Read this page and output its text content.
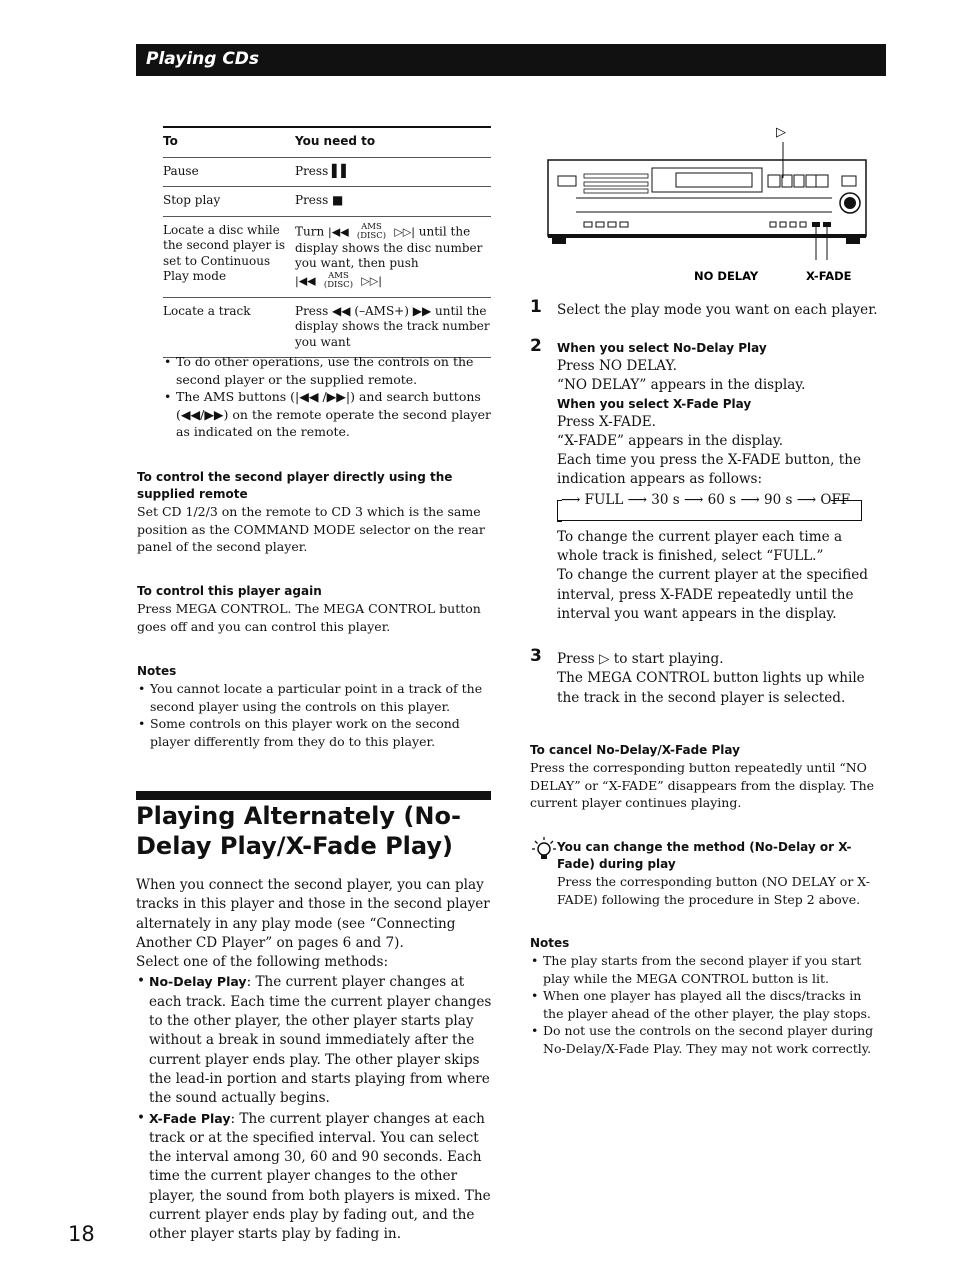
Playing CDs
To	You need to
Pause	Press ▌▌
Stop play	Press ■
Locate a disc while the second player is set to Continuous Play mode	Turn |◀◀ AMS (DISC) ▷▷| until the display shows the disc number you want, then push
|◀◀ AMS (DISC) ▷▷|
Locate a track	Press ◀◀ (–AMS+) ▶▶ until the display shows the track number you want
• To do other operations, use the controls on the second player or the supplied remote.
• The AMS buttons (|◀◀ /▶▶|) and search buttons (◀◀/▶▶) on the remote operate the second player as indicated on the remote.
To control the second player directly using the supplied remote
Set CD 1/2/3 on the remote to CD 3 which is the same position as the COMMAND MODE selector on the rear panel of the second player.
To control this player again
Press MEGA CONTROL. The MEGA CONTROL button goes off and you can control this player.
Notes
• You cannot locate a particular point in a track of the second player using the controls on this player.
• Some controls on this player work on the second player differently from they do to this player.
Playing Alternately (No-Delay Play/X-Fade Play)
When you connect the second player, you can play tracks in this player and those in the second player alternately in any play mode (see “Connecting Another CD Player” on pages 6 and 7).
Select one of the following methods:
• No-Delay Play: The current player changes at each track. Each time the current player changes to the other player, the other player starts play without a break in sound immediately after the current player ends play. The other player skips the lead-in portion and starts playing from where the sound actually begins.
• X-Fade Play: The current player changes at each track or at the specified interval. You can select the interval among 30, 60 and 90 seconds. Each time the current player changes to the other player, the sound from both players is mixed. The current player ends play by fading out, and the other player starts play by fading in.
18
▷
NO DELAY	X-FADE
1 Select the play mode you want on each player.
2 When you select No-Delay Play
Press NO DELAY.
“NO DELAY” appears in the display.
When you select X-Fade Play
Press X-FADE.
“X-FADE” appears in the display.
Each time you press the X-FADE button, the indication appears as follows:
⟶ FULL ⟶ 30 s ⟶ 60 s ⟶ 90 s ⟶ OFF
To change the current player each time a whole track is finished, select “FULL.”
To change the current player at the specified interval, press X-FADE repeatedly until the interval you want appears in the display.
3 Press ▷ to start playing.
The MEGA CONTROL button lights up while the track in the second player is selected.
To cancel No-Delay/X-Fade Play
Press the corresponding button repeatedly until “NO DELAY” or “X-FADE” disappears from the display. The current player continues playing.
You can change the method (No-Delay or X-Fade) during play
Press the corresponding button (NO DELAY or X-FADE) following the procedure in Step 2 above.
Notes
• The play starts from the second player if you start play while the MEGA CONTROL button is lit.
• When one player has played all the discs/tracks in the player ahead of the other player, the play stops.
• Do not use the controls on the second player during No-Delay/X-Fade Play. They may not work correctly.
